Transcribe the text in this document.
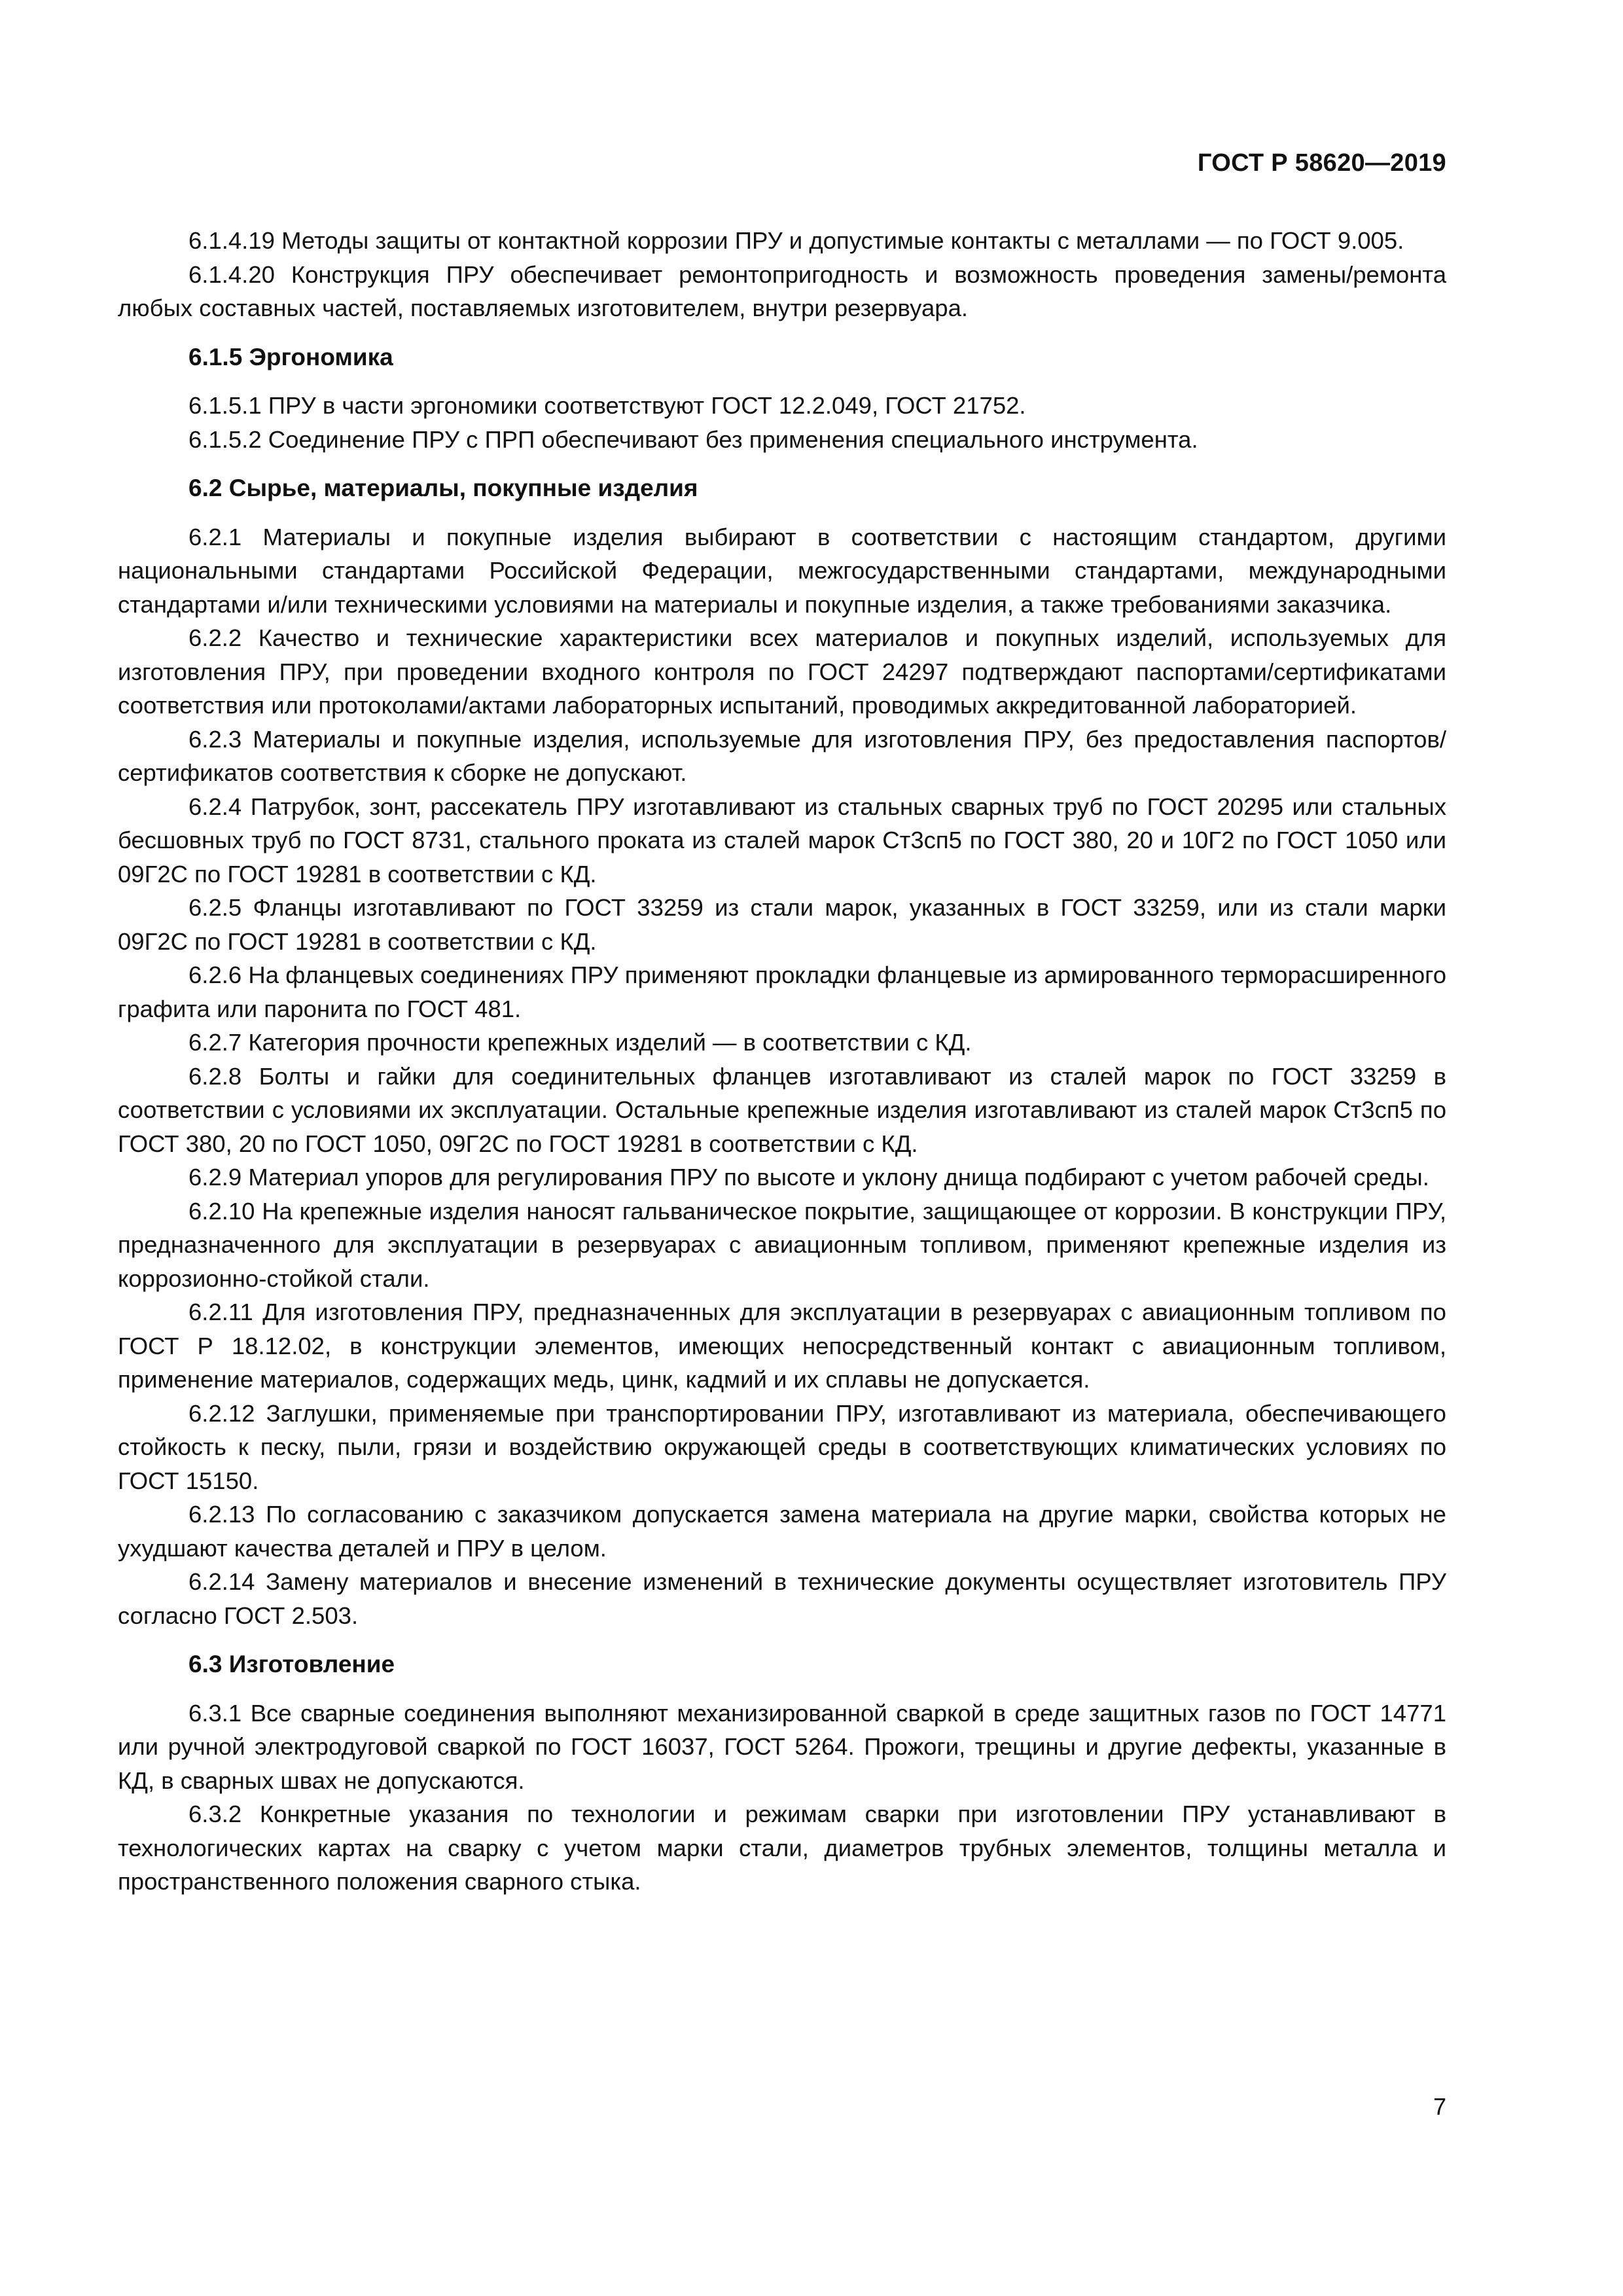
ГОСТ Р 58620—2019

6.1.4.19 Методы защиты от контактной коррозии ПРУ и допустимые контакты с металлами — по ГОСТ 9.005.

6.1.4.20 Конструкция ПРУ обеспечивает ремонтопригодность и возможность проведения замены/ремонта любых составных частей, поставляемых изготовителем, внутри резервуара.

6.1.5 Эргономика

6.1.5.1 ПРУ в части эргономики соответствуют ГОСТ 12.2.049, ГОСТ 21752.

6.1.5.2 Соединение ПРУ с ПРП обеспечивают без применения специального инструмента.

6.2 Сырье, материалы, покупные изделия

6.2.1 Материалы и покупные изделия выбирают в соответствии с настоящим стандартом, другими национальными стандартами Российской Федерации, межгосударственными стандартами, международными стандартами и/или техническими условиями на материалы и покупные изделия, а также требованиями заказчика.

6.2.2 Качество и технические характеристики всех материалов и покупных изделий, используемых для изготовления ПРУ, при проведении входного контроля по ГОСТ 24297 подтверждают паспортами/сертификатами соответствия или протоколами/актами лабораторных испытаний, проводимых аккредитованной лабораторией.

6.2.3 Материалы и покупные изделия, используемые для изготовления ПРУ, без предоставления паспортов/сертификатов соответствия к сборке не допускают.

6.2.4 Патрубок, зонт, рассекатель ПРУ изготавливают из стальных сварных труб по ГОСТ 20295 или стальных бесшовных труб по ГОСТ 8731, стального проката из сталей марок Ст3сп5 по ГОСТ 380, 20 и 10Г2 по ГОСТ 1050 или 09Г2С по ГОСТ 19281 в соответствии с КД.

6.2.5 Фланцы изготавливают по ГОСТ 33259 из стали марок, указанных в ГОСТ 33259, или из стали марки 09Г2С по ГОСТ 19281 в соответствии с КД.

6.2.6 На фланцевых соединениях ПРУ применяют прокладки фланцевые из армированного терморасширенного графита или паронита по ГОСТ 481.

6.2.7 Категория прочности крепежных изделий — в соответствии с КД.

6.2.8 Болты и гайки для соединительных фланцев изготавливают из сталей марок по ГОСТ 33259 в соответствии с условиями их эксплуатации. Остальные крепежные изделия изготавливают из сталей марок Ст3сп5 по ГОСТ 380, 20 по ГОСТ 1050, 09Г2С по ГОСТ 19281 в соответствии с КД.

6.2.9 Материал упоров для регулирования ПРУ по высоте и уклону днища подбирают с учетом рабочей среды.

6.2.10 На крепежные изделия наносят гальваническое покрытие, защищающее от коррозии. В конструкции ПРУ, предназначенного для эксплуатации в резервуарах с авиационным топливом, применяют крепежные изделия из коррозионно-стойкой стали.

6.2.11 Для изготовления ПРУ, предназначенных для эксплуатации в резервуарах с авиационным топливом по ГОСТ Р 18.12.02, в конструкции элементов, имеющих непосредственный контакт с авиационным топливом, применение материалов, содержащих медь, цинк, кадмий и их сплавы не допускается.

6.2.12 Заглушки, применяемые при транспортировании ПРУ, изготавливают из материала, обеспечивающего стойкость к песку, пыли, грязи и воздействию окружающей среды в соответствующих климатических условиях по ГОСТ 15150.

6.2.13 По согласованию с заказчиком допускается замена материала на другие марки, свойства которых не ухудшают качества деталей и ПРУ в целом.

6.2.14 Замену материалов и внесение изменений в технические документы осуществляет изготовитель ПРУ согласно ГОСТ 2.503.

6.3 Изготовление

6.3.1 Все сварные соединения выполняют механизированной сваркой в среде защитных газов по ГОСТ 14771 или ручной электродуговой сваркой по ГОСТ 16037, ГОСТ 5264. Прожоги, трещины и другие дефекты, указанные в КД, в сварных швах не допускаются.

6.3.2 Конкретные указания по технологии и режимам сварки при изготовлении ПРУ устанавливают в технологических картах на сварку с учетом марки стали, диаметров трубных элементов, толщины металла и пространственного положения сварного стыка.

7
